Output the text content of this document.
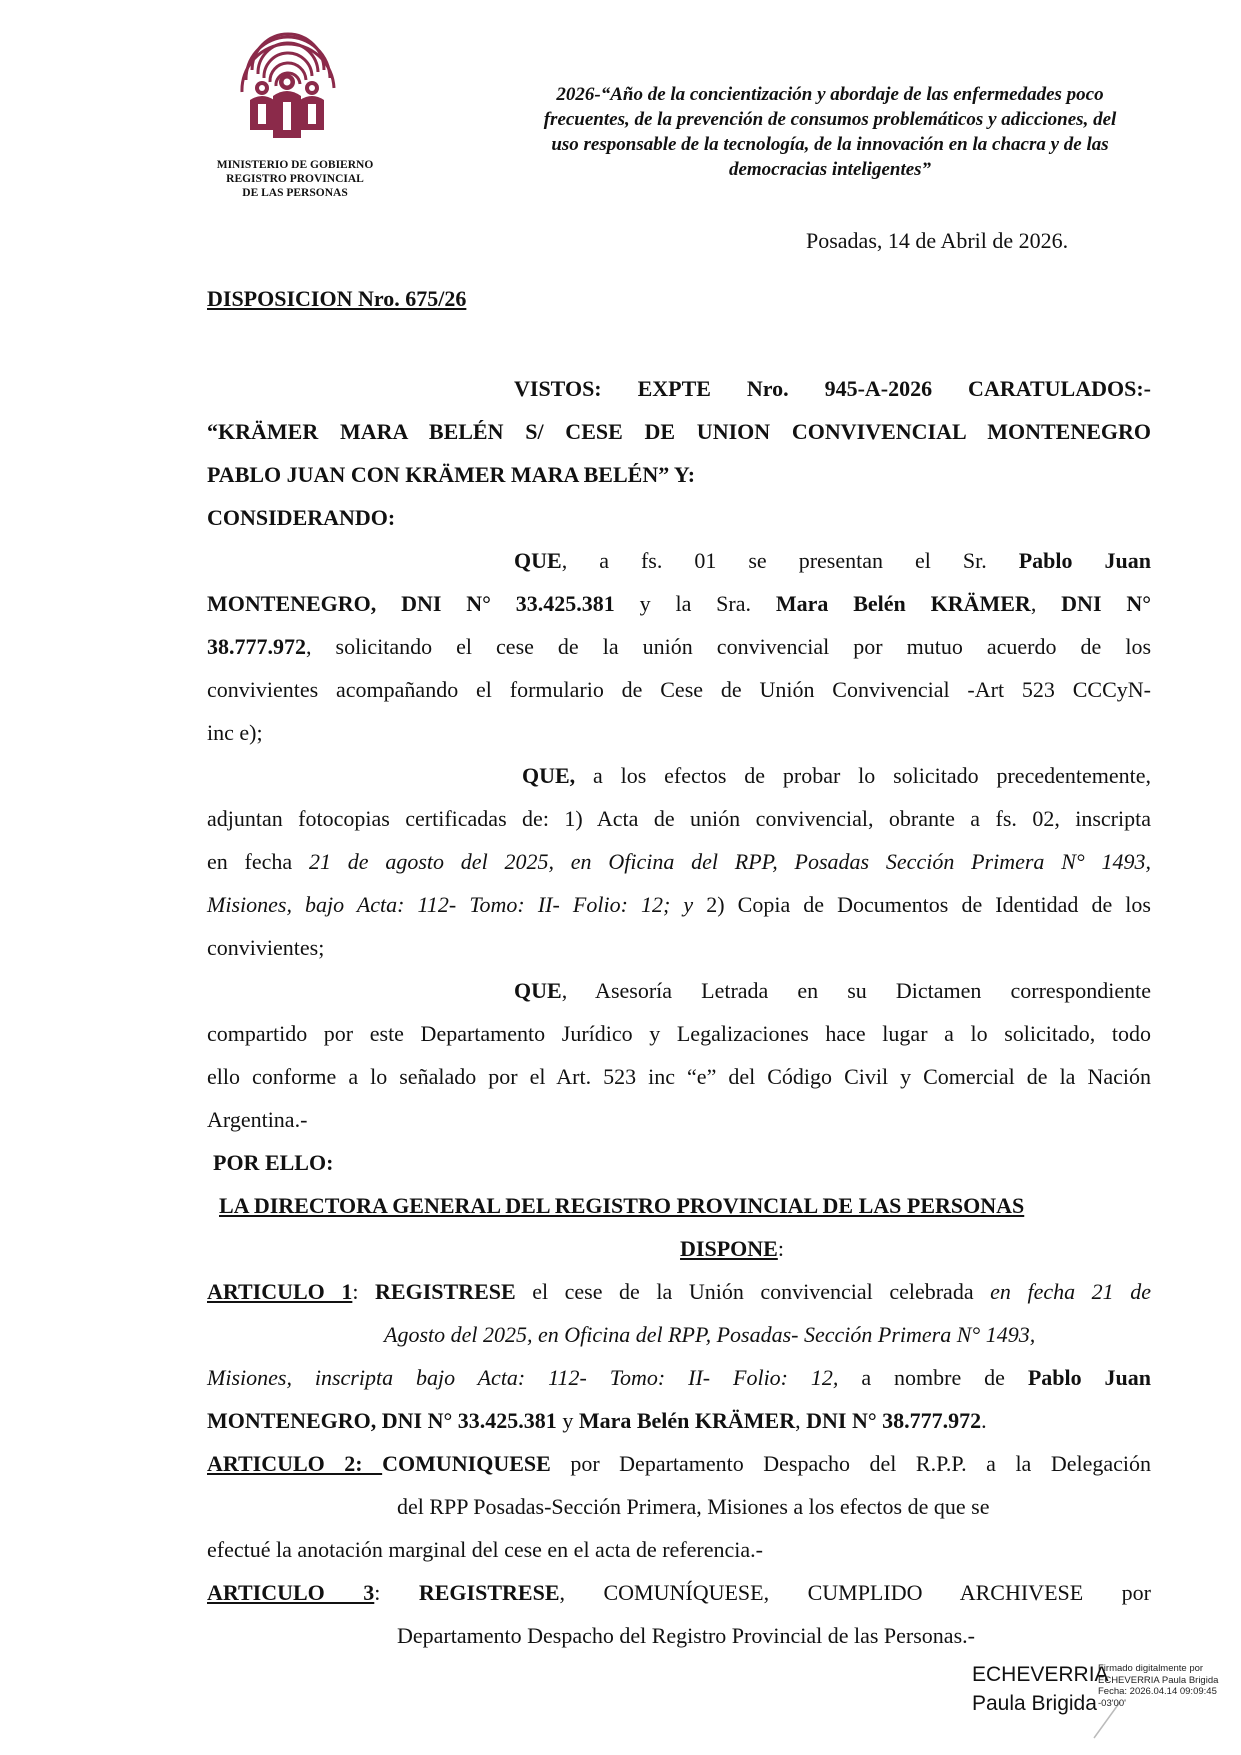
MINISTERIO DE GOBIERNO
REGISTRO PROVINCIAL
DE LAS PERSONAS
2026-“Año de la concientización y abordaje de las enfermedades poco
frecuentes, de la prevención de consumos problemáticos y adicciones, del
uso responsable de la tecnología, de la innovación en la chacra y de las
democracias inteligentes”
Posadas, 14 de Abril de 2026.
DISPOSICION Nro. 675/26
VISTOS: EXPTE Nro. 945-A-2026 CARATULADOS:-
“KRÄMER MARA BELÉN S/ CESE DE UNION CONVIVENCIAL MONTENEGRO
PABLO JUAN CON KRÄMER MARA BELÉN” Y:
CONSIDERANDO:
QUE, a fs. 01 se presentan el Sr. Pablo Juan
MONTENEGRO, DNI N° 33.425.381 y la Sra. Mara Belén KRÄMER, DNI N°
38.777.972, solicitando el cese de la unión convivencial por mutuo acuerdo de los
convivientes acompañando el formulario de Cese de Unión Convivencial -Art 523 CCCyN-
inc e);
QUE, a los efectos de probar lo solicitado precedentemente,
adjuntan fotocopias certificadas de: 1) Acta de unión convivencial, obrante a fs. 02, inscripta
en fecha 21 de agosto del 2025, en Oficina del RPP, Posadas Sección Primera N° 1493,
Misiones, bajo Acta: 112- Tomo: II- Folio: 12; y 2) Copia de Documentos de Identidad de los
convivientes;
QUE, Asesoría Letrada en su Dictamen correspondiente
compartido por este Departamento Jurídico y Legalizaciones hace lugar a lo solicitado, todo
ello conforme a lo señalado por el Art. 523 inc “e” del Código Civil y Comercial de la Nación
Argentina.-
POR ELLO:
LA DIRECTORA GENERAL DEL REGISTRO PROVINCIAL DE LAS PERSONAS
DISPONE:
ARTICULO 1: REGISTRESE el cese de la Unión convivencial celebrada en fecha 21 de
Agosto del 2025, en Oficina del RPP, Posadas- Sección Primera N° 1493,
Misiones, inscripta bajo Acta: 112- Tomo: II- Folio: 12, a nombre de Pablo Juan
MONTENEGRO, DNI N° 33.425.381 y Mara Belén KRÄMER, DNI N° 38.777.972.
ARTICULO 2: COMUNIQUESE por Departamento Despacho del R.P.P. a la Delegación
del RPP Posadas-Sección Primera, Misiones a los efectos de que se
efectué la anotación marginal del cese en el acta de referencia.-
ARTICULO 3: REGISTRESE, COMUNÍQUESE, CUMPLIDO ARCHIVESE por
Departamento Despacho del Registro Provincial de las Personas.-
ECHEVERRIA
Paula Brigida
Firmado digitalmente por
ECHEVERRIA Paula Brigida
Fecha: 2026.04.14 09:09:45
-03'00'
